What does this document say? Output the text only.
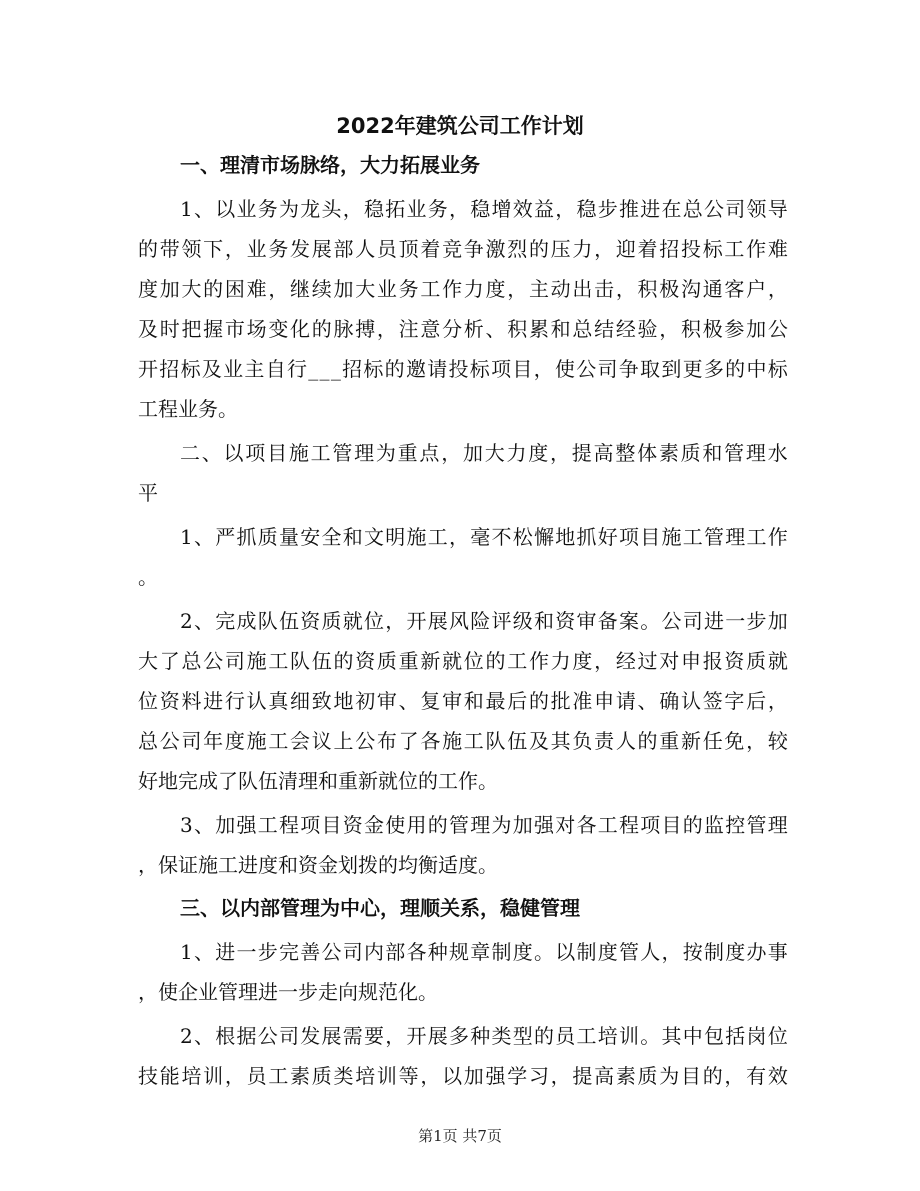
2022年建筑公司工作计划
一、理清市场脉络，大力拓展业务
1 、 以 业 务 为 龙 头 ， 稳 拓 业 务 ， 稳 增 效 益 ， 稳 步 推 进 在 总 公 司 领 导
的 带 领 下 ， 业 务 发 展 部 人 员 顶 着 竞 争 激 烈 的 压 力 ， 迎 着 招 投 标 工 作 难
度 加 大 的 困 难 ， 继 续 加 大 业 务 工 作 力 度 ， 主 动 出 击 ， 积 极 沟 通 客 户 ，
及 时 把 握 市 场 变 化 的 脉 搏 ， 注 意 分 析 、 积 累 和 总 结 经 验 ， 积 极 参 加 公
开 招 标 及 业 主 自 行 _ _ _ 招 标 的 邀 请 投 标 项 目 ， 使 公 司 争 取 到 更 多 的 中 标
工程业务。
二 、 以 项 目 施 工 管 理 为 重 点 ， 加 大 力 度 ， 提 高 整 体 素 质 和 管 理 水
平
1 、 严 抓 质 量 安 全 和 文 明 施 工 ， 毫 不 松 懈 地 抓 好 项 目 施 工 管 理 工 作
。
2 、 完 成 队 伍 资 质 就 位 ， 开 展 风 险 评 级 和 资 审 备 案 。 公 司 进 一 步 加
大 了 总 公 司 施 工 队 伍 的 资 质 重 新 就 位 的 工 作 力 度 ， 经 过 对 申 报 资 质 就
位 资 料 进 行 认 真 细 致 地 初 审 、 复 审 和 最 后 的 批 准 申 请 、 确 认 签 字 后 ，
总 公 司 年 度 施 工 会 议 上 公 布 了 各 施 工 队 伍 及 其 负 责 人 的 重 新 任 免 ， 较
好地完成了队伍清理和重新就位的工作。
3 、 加 强 工 程 项 目 资 金 使 用 的 管 理 为 加 强 对 各 工 程 项 目 的 监 控 管 理
，保证施工进度和资金划拨的均衡适度。
三、以内部管理为中心，理顺关系，稳健管理
1 、 进 一 步 完 善 公 司 内 部 各 种 规 章 制 度 。 以 制 度 管 人 ， 按 制 度 办 事
，使企业管理进一步走向规范化。
2 、 根 据 公 司 发 展 需 要 ， 开 展 多 种 类 型 的 员 工 培 训 。 其 中 包 括 岗 位
技 能 培 训 ， 员 工 素 质 类 培 训 等 ， 以 加 强 学 习 ， 提 高 素 质 为 目 的 ， 有 效
第1页 共7页
